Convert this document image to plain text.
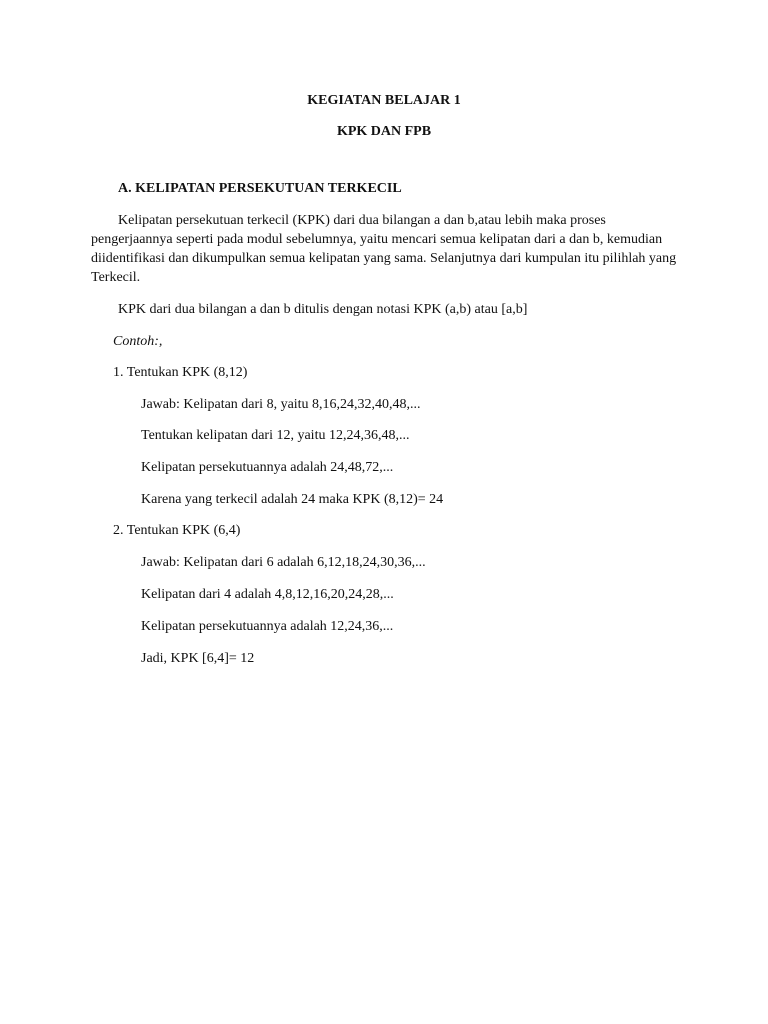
KEGIATAN BELAJAR 1
KPK DAN FPB
A. KELIPATAN PERSEKUTUAN TERKECIL
Kelipatan persekutuan terkecil (KPK) dari dua bilangan a dan b,atau lebih maka proses
pengerjaannya seperti pada modul sebelumnya, yaitu mencari semua kelipatan dari a dan b, kemudian
diidentifikasi dan dikumpulkan semua kelipatan yang sama. Selanjutnya dari kumpulan itu pilihlah yang
Terkecil.
KPK dari dua bilangan a dan b ditulis dengan notasi KPK (a,b) atau [a,b]
Contoh:,
1. Tentukan KPK (8,12)
Jawab: Kelipatan dari 8, yaitu 8,16,24,32,40,48,...
Tentukan kelipatan dari 12, yaitu 12,24,36,48,...
Kelipatan persekutuannya adalah 24,48,72,...
Karena yang terkecil adalah 24 maka KPK (8,12)= 24
2. Tentukan KPK (6,4)
Jawab: Kelipatan dari 6 adalah 6,12,18,24,30,36,...
Kelipatan dari 4 adalah 4,8,12,16,20,24,28,...
Kelipatan persekutuannya adalah 12,24,36,...
Jadi, KPK [6,4]= 12
